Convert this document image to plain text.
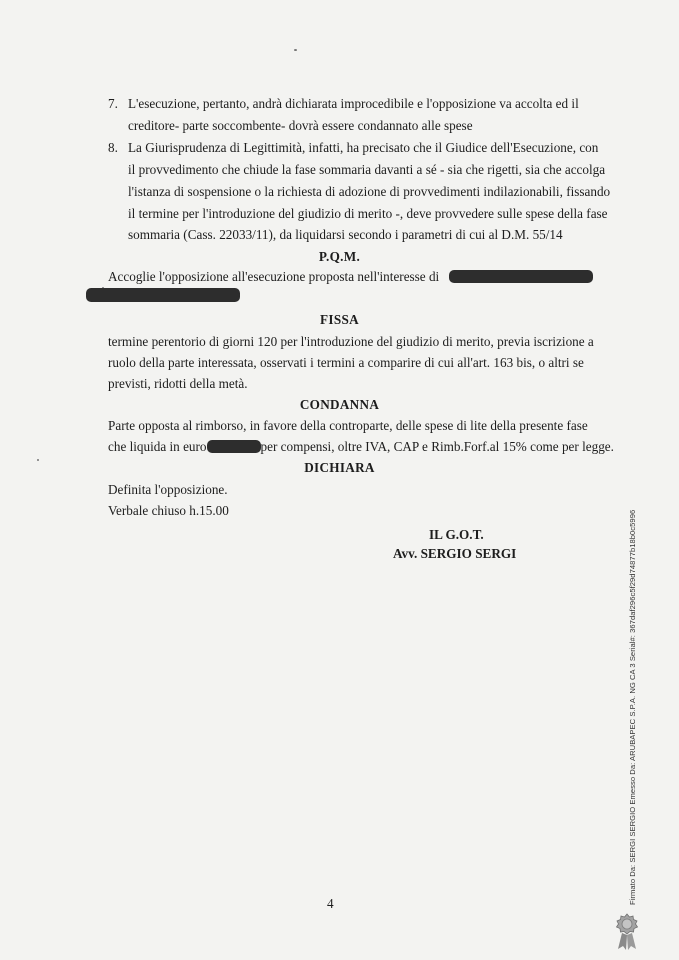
7. L'esecuzione, pertanto, andrà dichiarata improcedibile e l'opposizione va accolta ed il
creditore- parte soccombente- dovrà essere condannato alle spese
8. La Giurisprudenza di Legittimità, infatti, ha precisato che il Giudice dell'Esecuzione, con
il provvedimento che chiude la fase sommaria davanti a sé - sia che rigetti, sia che accolga
l'istanza di sospensione o la richiesta di adozione di provvedimenti indilazionabili, fissando
il termine per l'introduzione del giudizio di merito -, deve provvedere sulle spese della fase
sommaria (Cass. 22033/11), da liquidarsi secondo i parametri di cui al D.M. 55/14
P.Q.M.
Accoglie l'opposizione all'esecuzione proposta nell'interesse di
FISSA
termine perentorio di giorni 120 per l'introduzione del giudizio di merito, previa iscrizione a
ruolo della parte interessata, osservati i termini a comparire di cui all'art. 163 bis, o altri se
previsti, ridotti della metà.
CONDANNA
Parte opposta al rimborso, in favore della controparte, delle spese di lite della presente fase
che liquida in euro	per compensi, oltre IVA, CAP e Rimb.Forf.al 15% come per legge.
DICHIARA
Definita l'opposizione.
Verbale chiuso h.15.00
IL G.O.T.
Avv. SERGIO SERGI
4	Firmato Da: SERGI SERGIO Emesso Da: ARUBAPEC S.P.A. NG CA 3 Serial#: 367daf296c5f29d74877b18b0c5996
